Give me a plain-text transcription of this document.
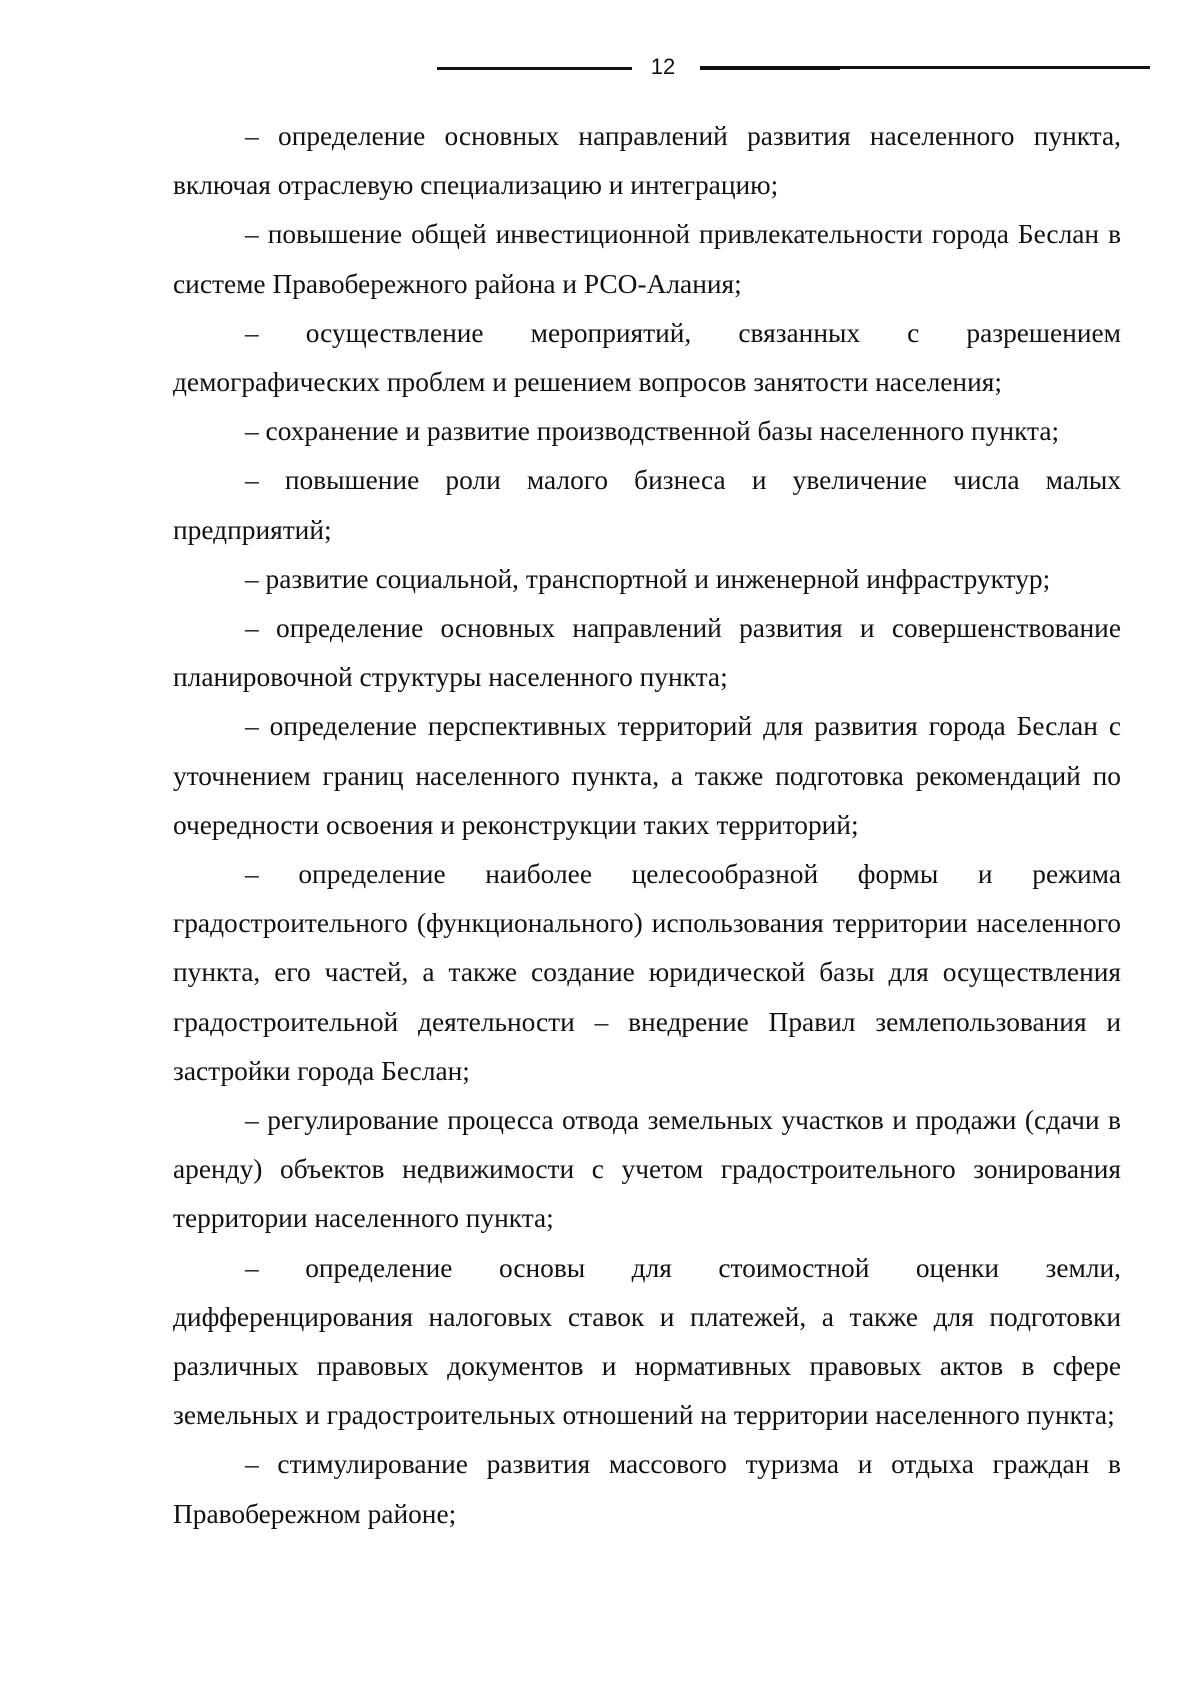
12

– определение основных направлений развития населенного пункта, включая отраслевую специализацию и интеграцию;

– повышение общей инвестиционной привлекательности города Беслан в системе Правобережного района и РСО-Алания;

– осуществление мероприятий, связанных с разрешением демографических проблем и решением вопросов занятости населения;

– сохранение и развитие производственной базы населенного пункта;

– повышение роли малого бизнеса и увеличение числа малых предприятий;

– развитие социальной, транспортной и инженерной инфраструктур;

– определение основных направлений развития и совершенствование планировочной структуры населенного пункта;

– определение перспективных территорий для развития города Беслан с уточнением границ населенного пункта, а также подготовка рекомендаций по очередности освоения и реконструкции таких территорий;

– определение наиболее целесообразной формы и режима градостроительного (функционального) использования территории населенного пункта, его частей, а также создание юридической базы для осуществления градостроительной деятельности – внедрение Правил землепользования и застройки города Беслан;

– регулирование процесса отвода земельных участков и продажи (сдачи в аренду) объектов недвижимости с учетом градостроительного зонирования территории населенного пункта;

– определение основы для стоимостной оценки земли, дифференцирования налоговых ставок и платежей, а также для подготовки различных правовых документов и нормативных правовых актов в сфере земельных и градостроительных отношений на территории населенного пункта;

– стимулирование развития массового туризма и отдыха граждан в Правобережном районе;
